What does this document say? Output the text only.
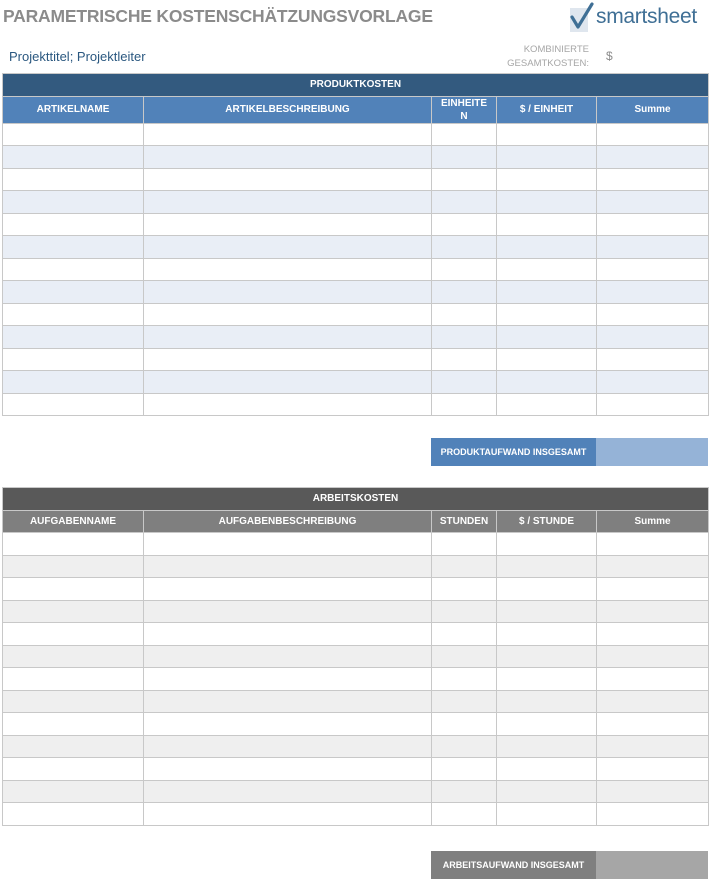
PARAMETRISCHE KOSTENSCHÄTZUNGSVORLAGE	smartsheet
Projekttitel; Projektleiter	KOMBINIERTE
GESAMTKOSTEN: $
PRODUKTKOSTEN				
ARTIKELNAME	ARTIKELBESCHREIBUNG	EINHEITE N	$ / EINHEIT	Summe

PRODUKTAUFWAND INSGESAMT
ARBEITSKOSTEN				
AUFGABENNAME	AUFGABENBESCHREIBUNG	STUNDEN	$ / STUNDE	Summe

ARBEITSAUFWAND INSGESAMT
